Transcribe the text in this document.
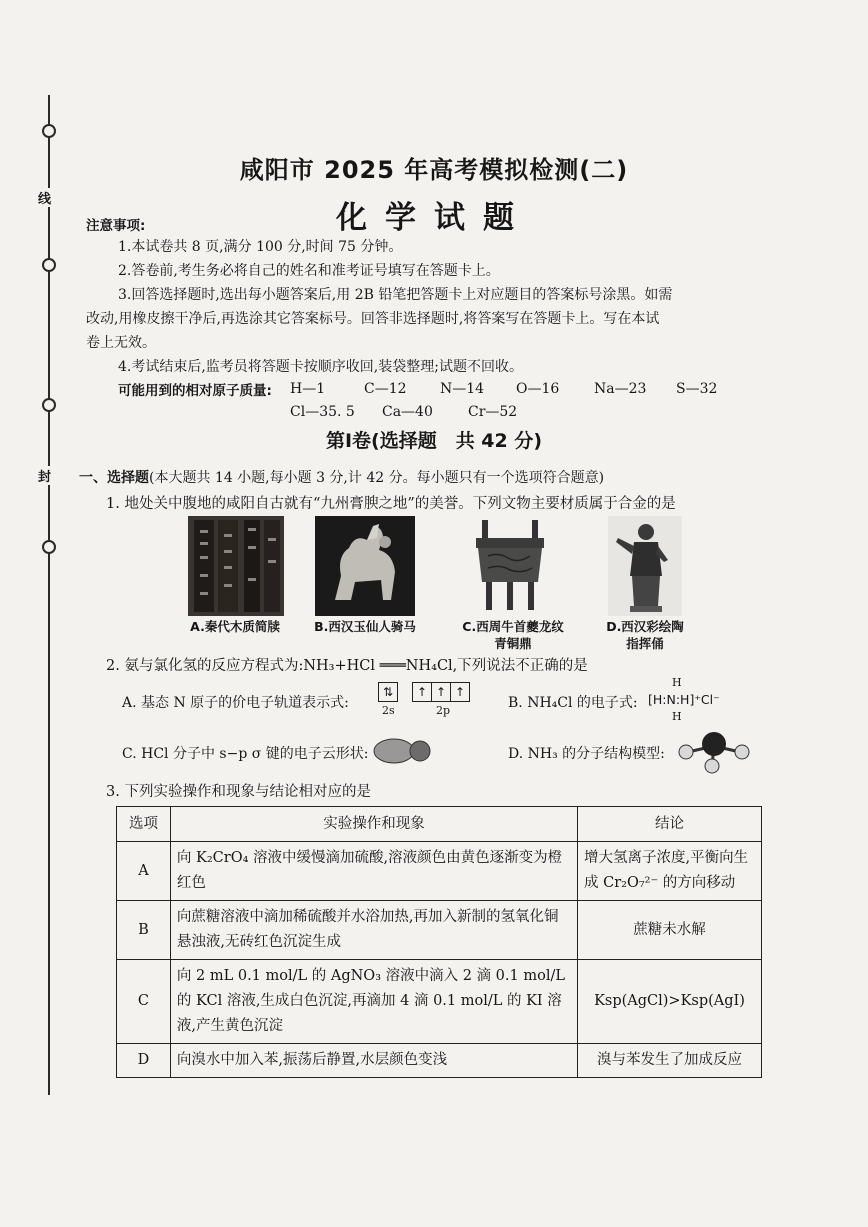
线
封
咸阳市 2025 年高考模拟检测(二)
化学试题
注意事项:
1.本试卷共 8 页,满分 100 分,时间 75 分钟。
2.答卷前,考生务必将自己的姓名和准考证号填写在答题卡上。
3.回答选择题时,选出每小题答案后,用 2B 铅笔把答题卡上对应题目的答案标号涂黑。如需
改动,用橡皮擦干净后,再选涂其它答案标号。回答非选择题时,将答案写在答题卡上。写在本试
卷上无效。
4.考试结束后,监考员将答题卡按顺序收回,装袋整理;试题不回收。
可能用到的相对原子质量: H—1	C—12 N—14 O—16 Na—23 S—32
Cl—35. 5 Ca—40	Cr—52
第Ⅰ卷(选择题　共 42 分)
一、选择题(本大题共 14 小题,每小题 3 分,计 42 分。每小题只有一个选项符合题意)
1. 地处关中腹地的咸阳自古就有“九州膏腴之地”的美誉。下列文物主要材质属于合金的是
A.秦代木质简牍	B.西汉玉仙人骑马	C.西周牛首夔龙纹
青铜鼎
D.西汉彩绘陶
指挥俑
2. 氨与氯化氢的反应方程式为:NH₃+HCl ═══NH₄Cl,下列说法不正确的是
A. 基态 N 原子的价电子轨道表示式:
⇅	↑ ↑ ↑
2s	2p	B. NH₄Cl 的电子式: [H:N:H]⁺Cl⁻
H
H
C. HCl 分子中 s−p σ 键的电子云形状:	D. NH₃ 的分子结构模型:
3. 下列实验操作和现象与结论相对应的是
选项	实验操作和现象	结论
A	向 K₂CrO₄ 溶液中缓慢滴加硫酸,溶液颜色由黄色逐渐变为橙红色	增大氢离子浓度,平衡向生成 Cr₂O₇²⁻ 的方向移动
B	向蔗糖溶液中滴加稀硫酸并水浴加热,再加入新制的氢氧化铜悬浊液,无砖红色沉淀生成	蔗糖未水解
C	向 2 mL 0.1 mol/L 的 AgNO₃ 溶液中滴入 2 滴 0.1 mol/L 的 KCl 溶液,生成白色沉淀,再滴加 4 滴 0.1 mol/L 的 KI 溶液,产生黄色沉淀	Ksp(AgCl)>Ksp(AgI)
D	向溴水中加入苯,振荡后静置,水层颜色变浅	溴与苯发生了加成反应
